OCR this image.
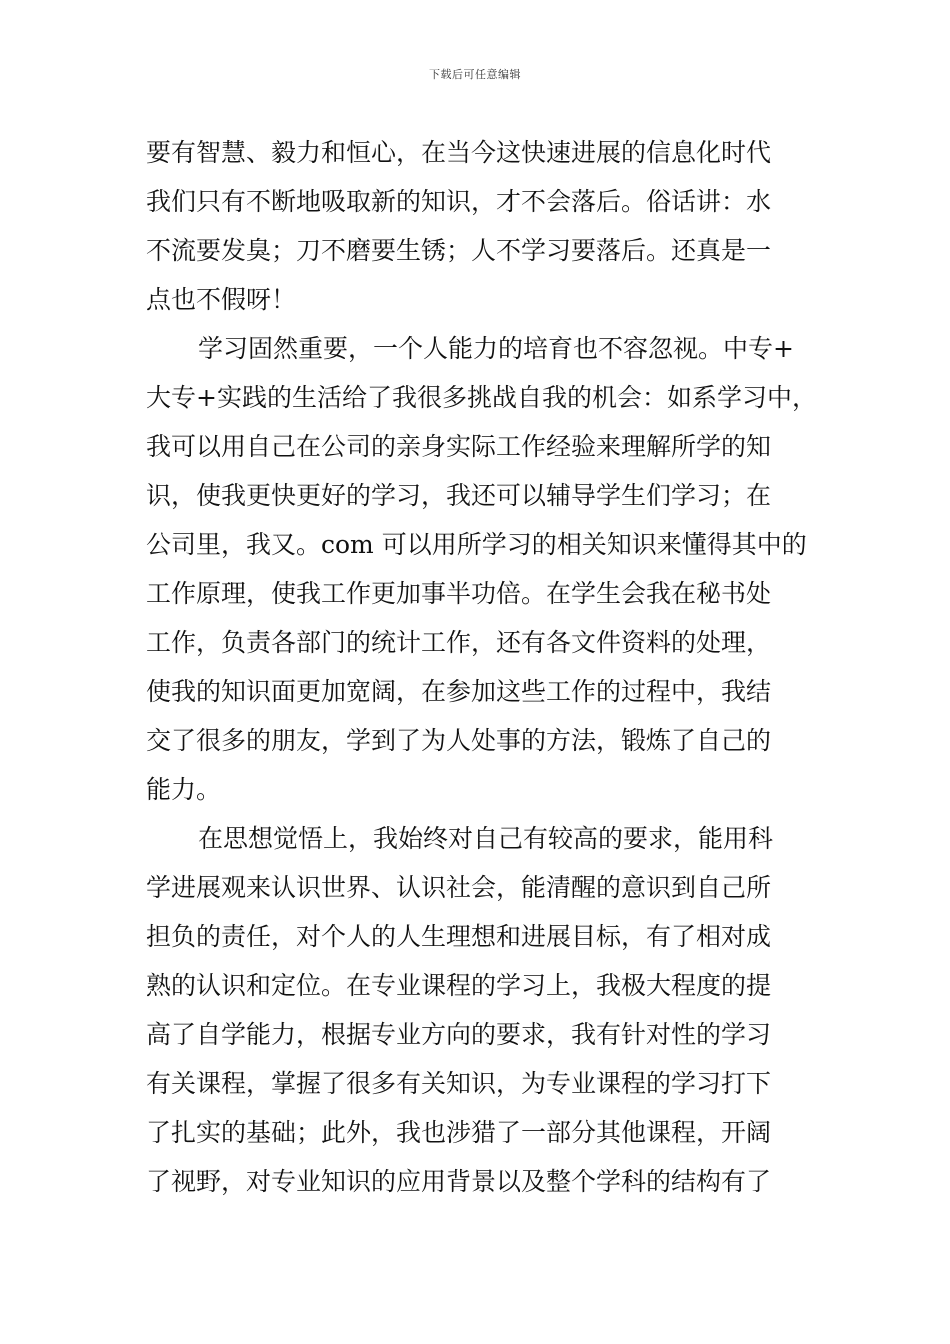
下载后可任意编辑
要有智慧、毅力和恒心，在当今这快速进展的信息化时代
我们只有不断地吸取新的知识，才不会落后。俗话讲：水
不流要发臭；刀不磨要生锈；人不学习要落后。还真是一
点也不假呀！
学习固然重要，一个人能力的培育也不容忽视。中专+
大专+实践的生活给了我很多挑战自我的机会：如系学习中，
我可以用自己在公司的亲身实际工作经验来理解所学的知
识，使我更快更好的学习，我还可以辅导学生们学习；在
公司里，我又。com 可以用所学习的相关知识来懂得其中的
工作原理，使我工作更加事半功倍。在学生会我在秘书处
工作，负责各部门的统计工作，还有各文件资料的处理，
使我的知识面更加宽阔，在参加这些工作的过程中，我结
交了很多的朋友，学到了为人处事的方法，锻炼了自己的
能力。
在思想觉悟上，我始终对自己有较高的要求，能用科
学进展观来认识世界、认识社会，能清醒的意识到自己所
担负的责任，对个人的人生理想和进展目标，有了相对成
熟的认识和定位。在专业课程的学习上，我极大程度的提
高了自学能力，根据专业方向的要求，我有针对性的学习
有关课程，掌握了很多有关知识，为专业课程的学习打下
了扎实的基础；此外，我也涉猎了一部分其他课程，开阔
了视野，对专业知识的应用背景以及整个学科的结构有了
